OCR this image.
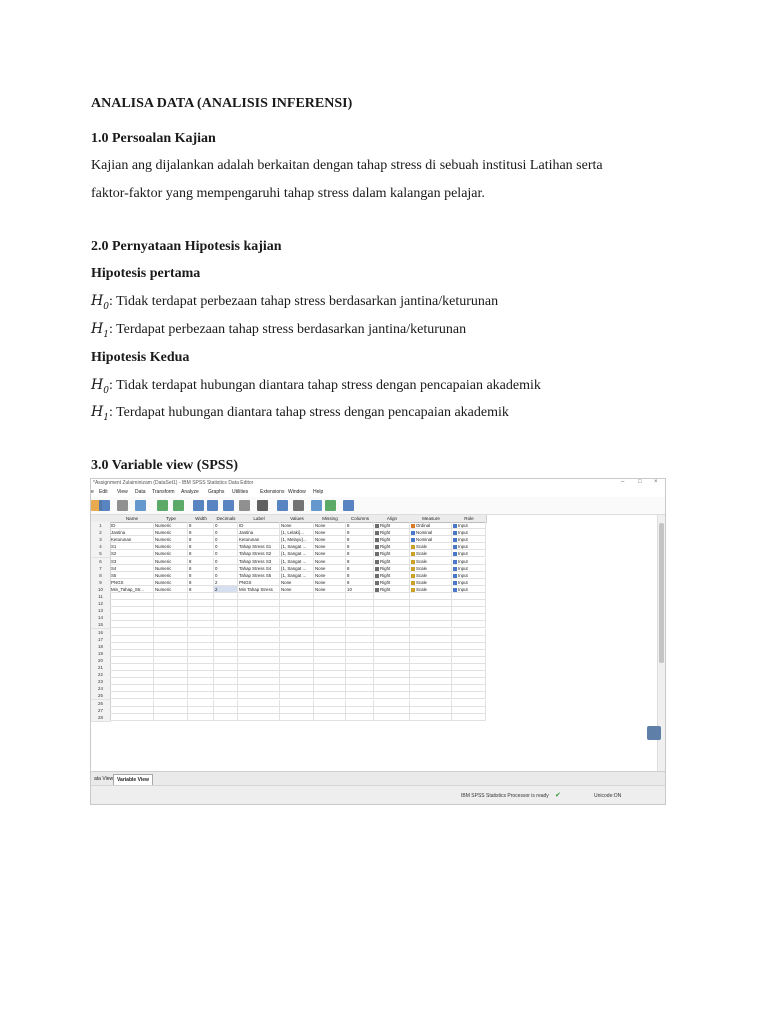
ANALISA DATA (ANALISIS INFERENSI)
1.0 Persoalan Kajian
Kajian ang dijalankan adalah berkaitan dengan tahap stress di sebuah institusi Latihan serta
faktor-faktor yang mempengaruhi tahap stress dalam kalangan pelajar.
2.0 Pernyataan Hipotesis kajian
Hipotesis pertama
$H_0$: Tidak terdapat perbezaan tahap stress berdasarkan jantina/keturunan
$H_1$: Terdapat perbezaan tahap stress berdasarkan jantina/keturunan
Hipotesis Kedua
$H_0$: Tidak terdapat hubungan diantara tahap stress dengan pencapaian akademik
$H_1$: Terdapat hubungan diantara tahap stress dengan pencapaian akademik
3.0 Variable view (SPSS)
*Assignment Zulaiminizam (DataSet1) - IBM SPSS Statistics Data Editor	– □ ×
e Edit View Data Transform Analyze Graphs Utilities Extensions Window Help
Name	Type	Width	Decimals	Label	Values	Missing	Columns	Align	Measure	Role
1	ID	Numeric	8	0	ID	None	None	8	Right	Ordinal	Input
2	Jantina	Numeric	8	0	Jantina	{1, Lelaki}...	None	8	Right	Nominal	Input
3	Keturunan	Numeric	8	0	Keturunan	{1, Melayu}...	None	8	Right	Nominal	Input
4	S1	Numeric	8	0	Tahap Stress S1	{1, Sangat ...	None	8	Right	Scale	Input
5	S2	Numeric	8	0	Tahap Stress S2	{1, Sangat ...	None	8	Right	Scale	Input
6	S3	Numeric	8	0	Tahap Stress S3	{1, Sangat ...	None	8	Right	Scale	Input
7	S4	Numeric	8	0	Tahap Stress S4	{1, Sangat ...	None	8	Right	Scale	Input
8	S5	Numeric	8	0	Tahap Stress S5	{1, Sangat ...	None	8	Right	Scale	Input
9	PNGS	Numeric	8	2	PNGS	None	None	8	Right	Scale	Input
10	Min_Tahap_Str...	Numeric	8	2	Min Tahap Stress	None	None	10	Right	Scale	Input
11
12
13
14
15
16
17
18
19
20
21
22
23
24
25
26
27
28
ata View Variable View
IBM SPSS Statistics Processor is ready ✔	Unicode:ON
